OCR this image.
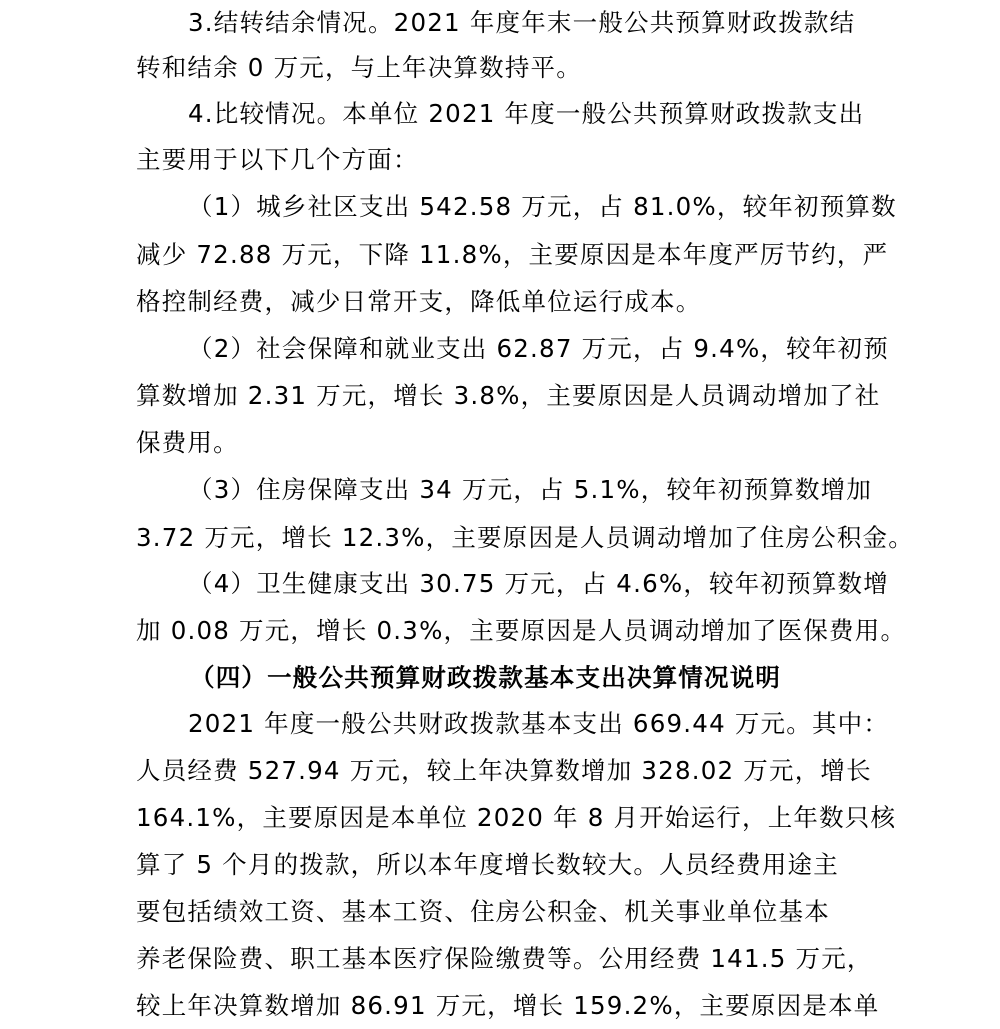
3.结转结余情况。2021 年度年末一般公共预算财政拨款结
转和结余 0 万元，与上年决算数持平。
4.比较情况。本单位 2021 年度一般公共预算财政拨款支出
主要用于以下几个方面：
（1）城乡社区支出 542.58 万元，占 81.0%，较年初预算数
减少 72.88 万元，下降 11.8%，主要原因是本年度严厉节约，严
格控制经费，减少日常开支，降低单位运行成本。
（2）社会保障和就业支出 62.87 万元，占 9.4%，较年初预
算数增加 2.31 万元，增长 3.8%，主要原因是人员调动增加了社
保费用。
（3）住房保障支出 34 万元，占 5.1%，较年初预算数增加
3.72 万元，增长 12.3%，主要原因是人员调动增加了住房公积金。
（4）卫生健康支出 30.75 万元，占 4.6%，较年初预算数增
加 0.08 万元，增长 0.3%，主要原因是人员调动增加了医保费用。
（四）一般公共预算财政拨款基本支出决算情况说明
2021 年度一般公共财政拨款基本支出 669.44 万元。其中：
人员经费 527.94 万元，较上年决算数增加 328.02 万元，增长
164.1%，主要原因是本单位 2020 年 8 月开始运行，上年数只核
算了 5 个月的拨款，所以本年度增长数较大。人员经费用途主
要包括绩效工资、基本工资、住房公积金、机关事业单位基本
养老保险费、职工基本医疗保险缴费等。公用经费 141.5 万元，
较上年决算数增加 86.91 万元，增长 159.2%，主要原因是本单
